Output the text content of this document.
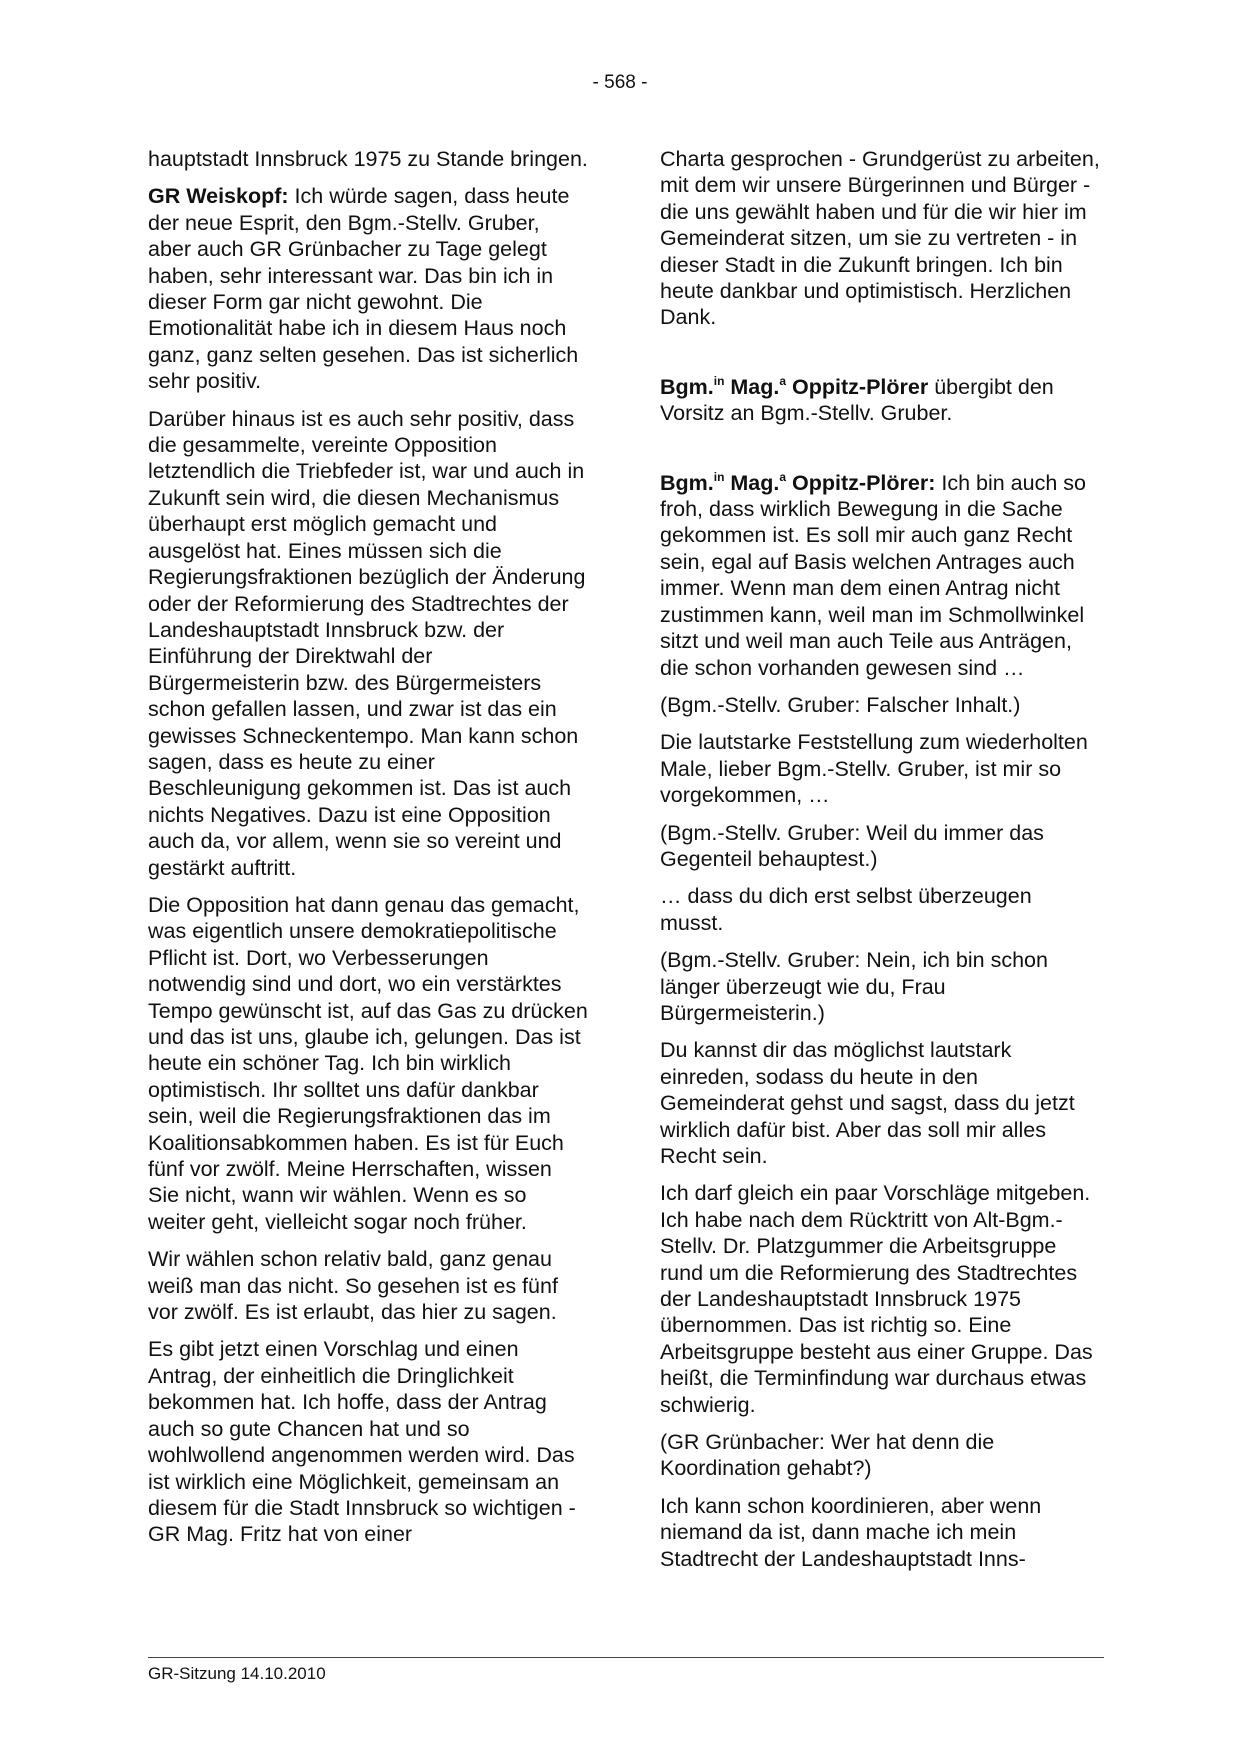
- 568 -

hauptstadt Innsbruck 1975 zu Stande bringen.

GR Weiskopf: Ich würde sagen, dass heute der neue Esprit, den Bgm.-Stellv. Gruber, aber auch GR Grünbacher zu Tage gelegt haben, sehr interessant war. Das bin ich in dieser Form gar nicht gewohnt. Die Emotionalität habe ich in diesem Haus noch ganz, ganz selten gesehen. Das ist sicherlich sehr positiv.

Darüber hinaus ist es auch sehr positiv, dass die gesammelte, vereinte Opposition letztendlich die Triebfeder ist, war und auch in Zukunft sein wird, die diesen Mechanismus überhaupt erst möglich gemacht und ausgelöst hat. Eines müssen sich die Regierungsfraktionen bezüglich der Änderung oder der Reformierung des Stadtrechtes der Landeshauptstadt Innsbruck bzw. der Einführung der Direktwahl der Bürgermeisterin bzw. des Bürgermeisters schon gefallen lassen, und zwar ist das ein gewisses Schneckentempo. Man kann schon sagen, dass es heute zu einer Beschleunigung gekommen ist. Das ist auch nichts Negatives. Dazu ist eine Opposition auch da, vor allem, wenn sie so vereint und gestärkt auftritt.

Die Opposition hat dann genau das gemacht, was eigentlich unsere demokratiepolitische Pflicht ist. Dort, wo Verbesserungen notwendig sind und dort, wo ein verstärktes Tempo gewünscht ist, auf das Gas zu drücken und das ist uns, glaube ich, gelungen. Das ist heute ein schöner Tag. Ich bin wirklich optimistisch. Ihr solltet uns dafür dankbar sein, weil die Regierungsfraktionen das im Koalitionsabkommen haben. Es ist für Euch fünf vor zwölf. Meine Herrschaften, wissen Sie nicht, wann wir wählen. Wenn es so weiter geht, vielleicht sogar noch früher.

Wir wählen schon relativ bald, ganz genau weiß man das nicht. So gesehen ist es fünf vor zwölf. Es ist erlaubt, das hier zu sagen.

Es gibt jetzt einen Vorschlag und einen Antrag, der einheitlich die Dringlichkeit bekommen hat. Ich hoffe, dass der Antrag auch so gute Chancen hat und so wohlwollend angenommen werden wird. Das ist wirklich eine Möglichkeit, gemeinsam an diesem für die Stadt Innsbruck so wichtigen - GR Mag. Fritz hat von einer

Charta gesprochen - Grundgerüst zu arbeiten, mit dem wir unsere Bürgerinnen und Bürger - die uns gewählt haben und für die wir hier im Gemeinderat sitzen, um sie zu vertreten - in dieser Stadt in die Zukunft bringen. Ich bin heute dankbar und optimistisch. Herzlichen Dank.

Bgm.$^{in}$ Mag.$^a$ Oppitz-Plörer übergibt den Vorsitz an Bgm.-Stellv. Gruber.

Bgm.$^{in}$ Mag.$^a$ Oppitz-Plörer: Ich bin auch so froh, dass wirklich Bewegung in die Sache gekommen ist. Es soll mir auch ganz Recht sein, egal auf Basis welchen Antrages auch immer. Wenn man dem einen Antrag nicht zustimmen kann, weil man im Schmollwinkel sitzt und weil man auch Teile aus Anträgen, die schon vorhanden gewesen sind …

(Bgm.-Stellv. Gruber: Falscher Inhalt.)

Die lautstarke Feststellung zum wiederholten Male, lieber Bgm.-Stellv. Gruber, ist mir so vorgekommen, …

(Bgm.-Stellv. Gruber: Weil du immer das Gegenteil behauptest.)

… dass du dich erst selbst überzeugen musst.

(Bgm.-Stellv. Gruber: Nein, ich bin schon länger überzeugt wie du, Frau Bürgermeisterin.)

Du kannst dir das möglichst lautstark einreden, sodass du heute in den Gemeinderat gehst und sagst, dass du jetzt wirklich dafür bist. Aber das soll mir alles Recht sein.

Ich darf gleich ein paar Vorschläge mitgeben. Ich habe nach dem Rücktritt von Alt-Bgm.-Stellv. Dr. Platzgummer die Arbeitsgruppe rund um die Reformierung des Stadtrechtes der Landeshauptstadt Innsbruck 1975 übernommen. Das ist richtig so. Eine Arbeitsgruppe besteht aus einer Gruppe. Das heißt, die Terminfindung war durchaus etwas schwierig.

(GR Grünbacher: Wer hat denn die Koordination gehabt?)

Ich kann schon koordinieren, aber wenn niemand da ist, dann mache ich mein Stadtrecht der Landeshauptstadt Inns-

GR-Sitzung 14.10.2010
